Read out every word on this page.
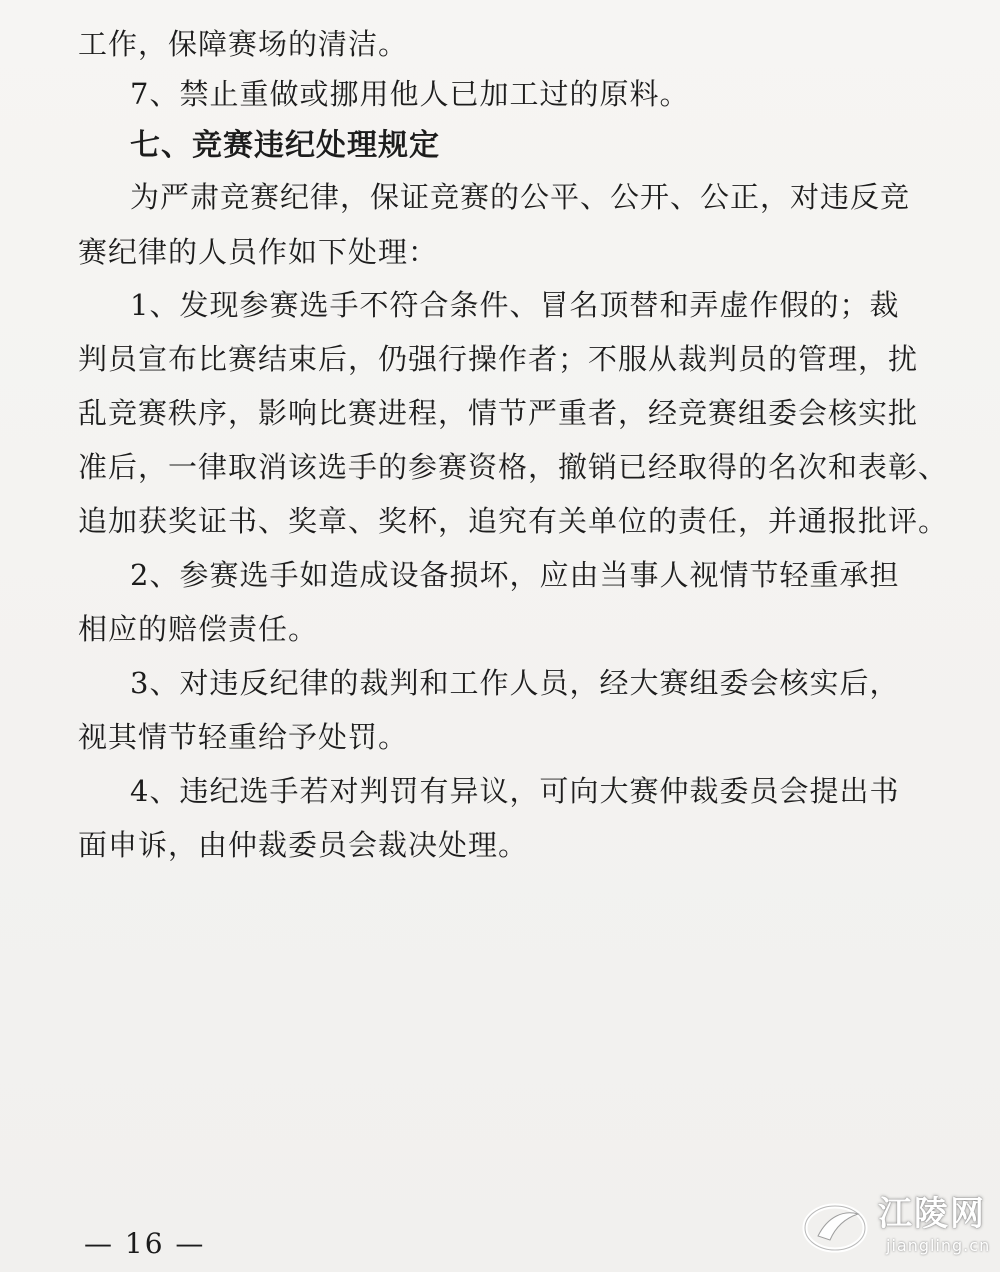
工作，保障赛场的清洁。
7、禁止重做或挪用他人已加工过的原料。
七、竞赛违纪处理规定
为严肃竞赛纪律，保证竞赛的公平、公开、公正，对违反竞
赛纪律的人员作如下处理：
1、发现参赛选手不符合条件、冒名顶替和弄虚作假的；裁
判员宣布比赛结束后，仍强行操作者；不服从裁判员的管理，扰
乱竞赛秩序，影响比赛进程，情节严重者，经竞赛组委会核实批
准后，一律取消该选手的参赛资格，撤销已经取得的名次和表彰、
追加获奖证书、奖章、奖杯，追究有关单位的责任，并通报批评。
2、参赛选手如造成设备损坏，应由当事人视情节轻重承担
相应的赔偿责任。
3、对违反纪律的裁判和工作人员，经大赛组委会核实后，
视其情节轻重给予处罚。
4、违纪选手若对判罚有异议，可向大赛仲裁委员会提出书
面申诉，由仲裁委员会裁决处理。
— 16 —
江陵网
jiangling.cn
